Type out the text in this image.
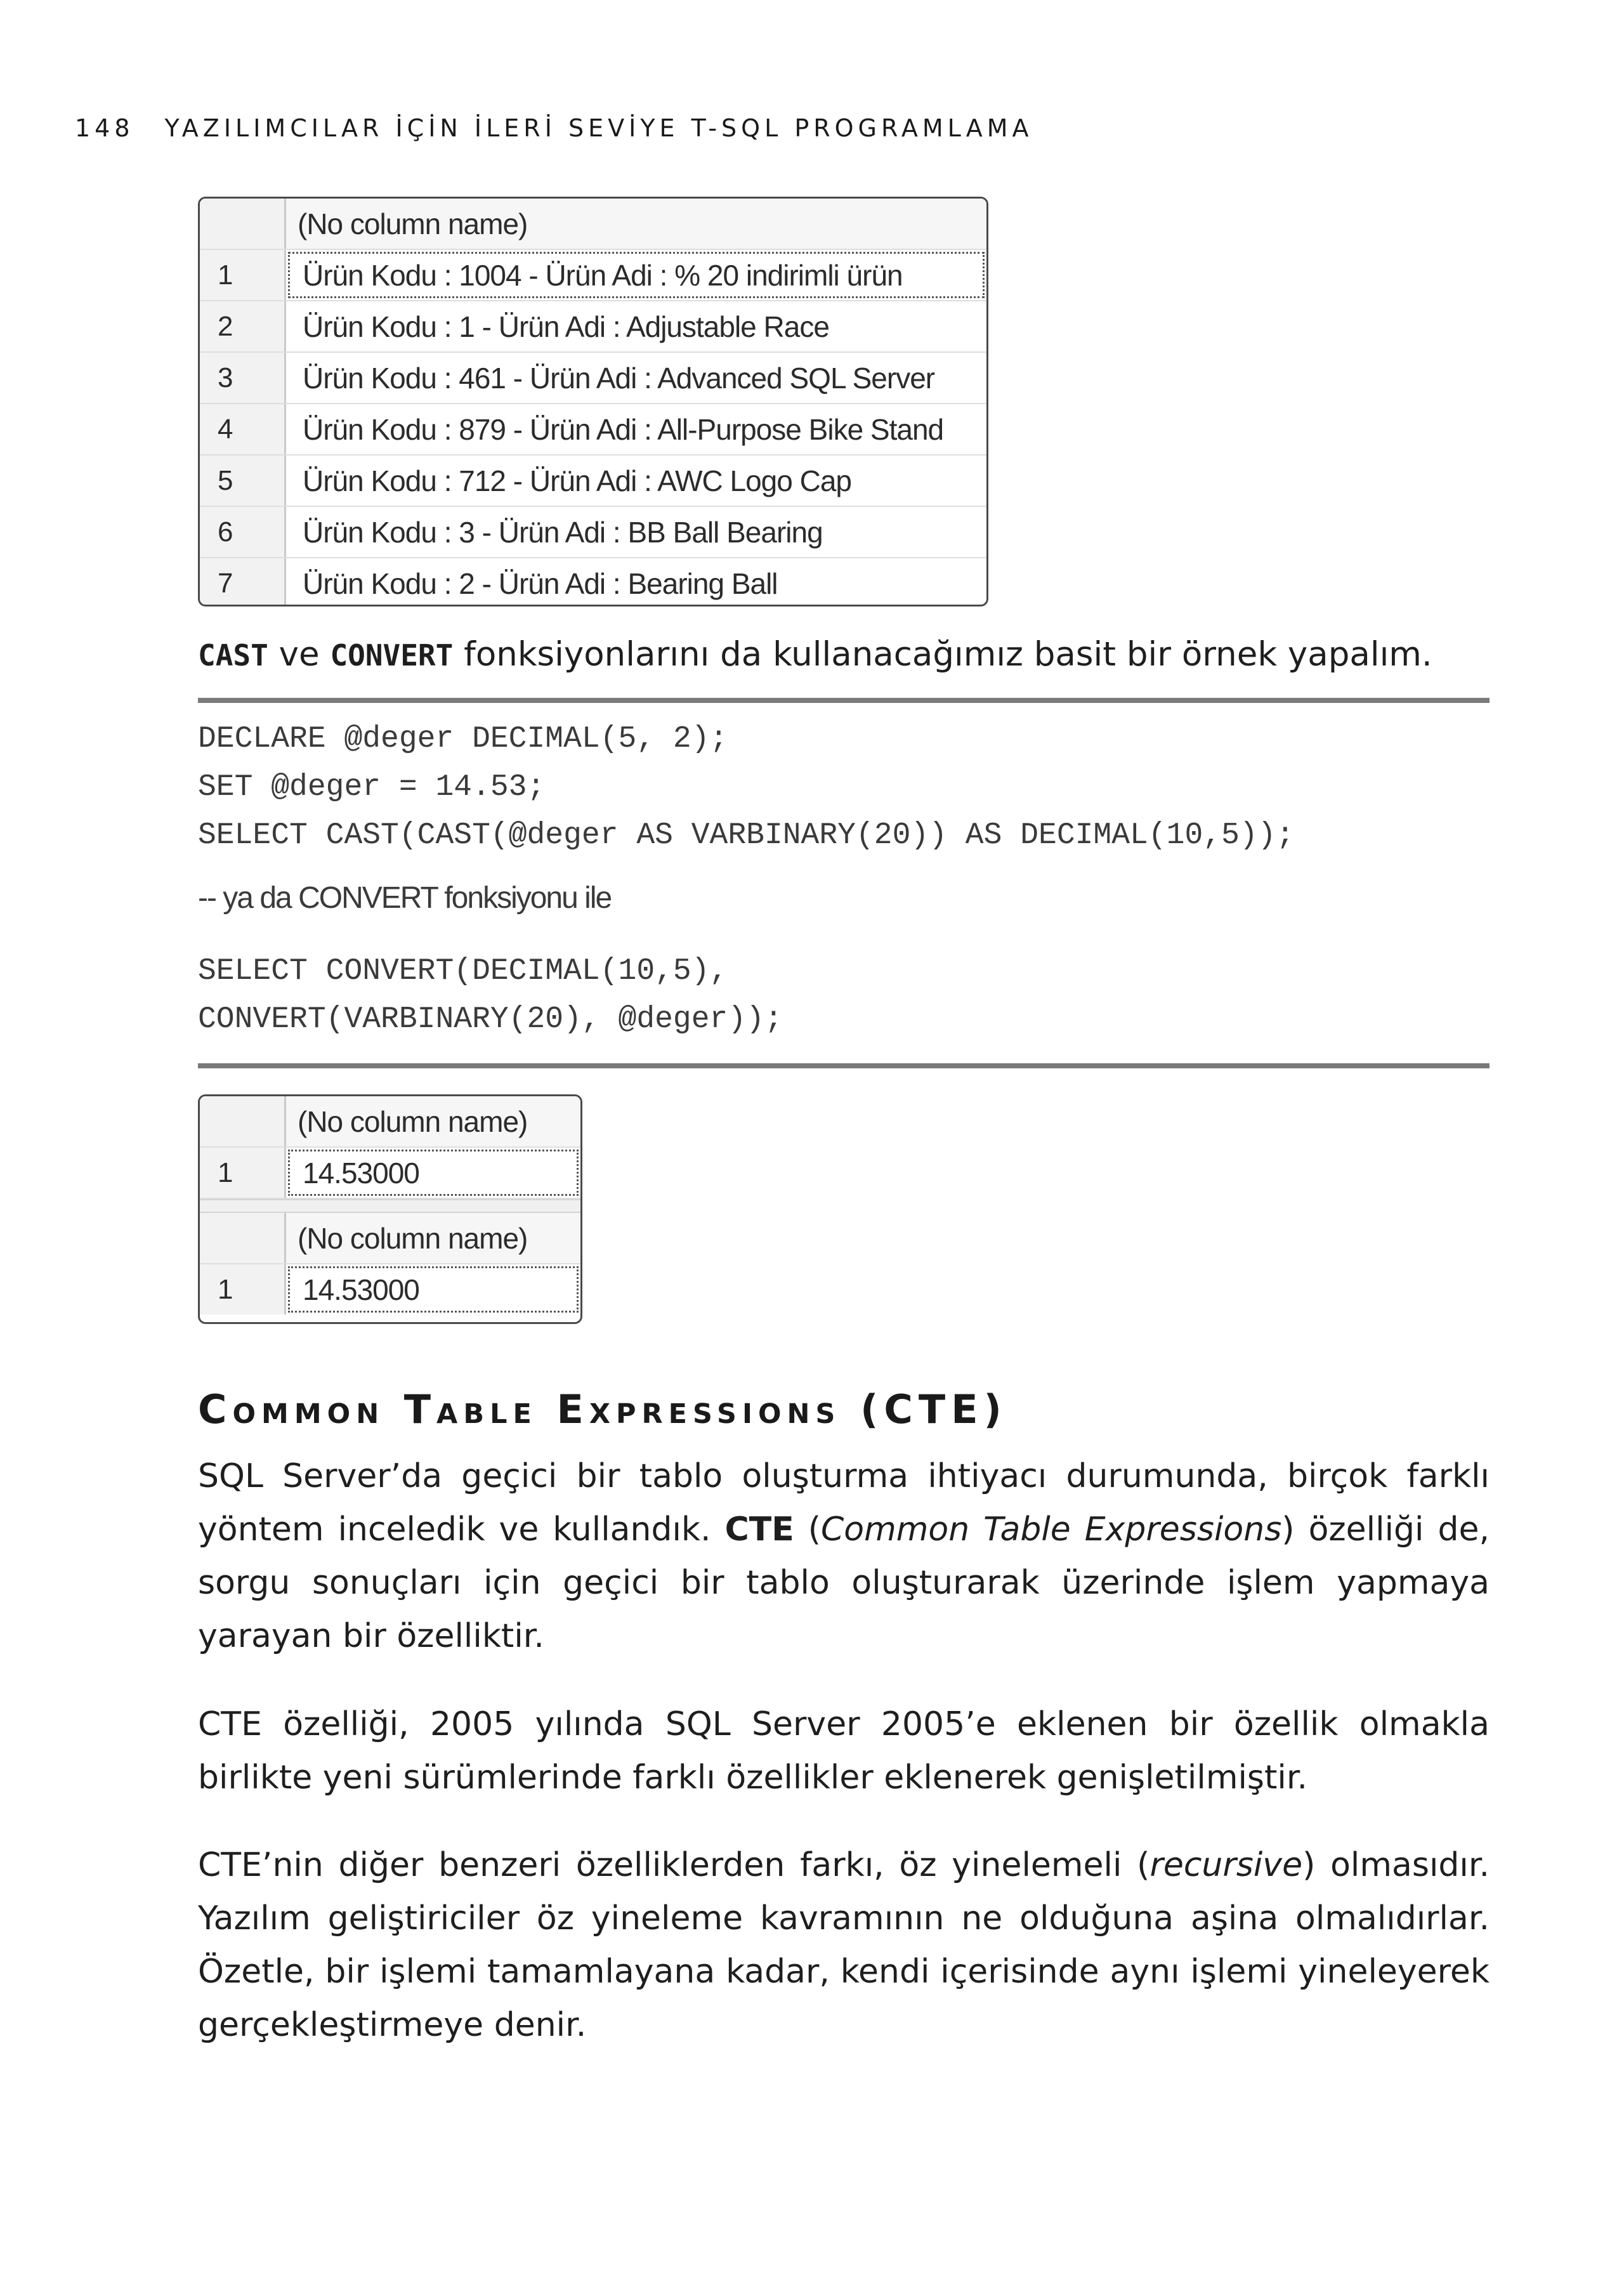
148 YAZILIMCILAR İÇİN İLERİ SEVİYE T-SQL PROGRAMLAMA
(No column name)
1	Ürün Kodu : 1004 - Ürün Adi : % 20 indirimli ürün
2	Ürün Kodu : 1 - Ürün Adi : Adjustable Race
3	Ürün Kodu : 461 - Ürün Adi : Advanced SQL Server
4	Ürün Kodu : 879 - Ürün Adi : All-Purpose Bike Stand
5	Ürün Kodu : 712 - Ürün Adi : AWC Logo Cap
6	Ürün Kodu : 3 - Ürün Adi : BB Ball Bearing
7	Ürün Kodu : 2 - Ürün Adi : Bearing Ball

CAST ve CONVERT fonksiyonlarını da kullanacağımız basit bir örnek yapalım.

DECLARE @deger DECIMAL(5, 2);
SET @deger = 14.53;
SELECT CAST(CAST(@deger AS VARBINARY(20)) AS DECIMAL(10,5));
-- ya da CONVERT fonksiyonu ile
SELECT CONVERT(DECIMAL(10,5),
CONVERT(VARBINARY(20), @deger));
(No column name)
1	14.53000
(No column name)
1	14.53000
Common Table Expressions (CTE)

SQL Server’da geçici bir tablo oluşturma ihtiyacı durumunda, birçok farklı yöntem inceledik ve kullandık. CTE (Common Table Expressions) özelliği de, sorgu sonuçları için geçici bir tablo oluşturarak üzerinde işlem yapmaya yarayan bir özelliktir.

CTE özelliği, 2005 yılında SQL Server 2005’e eklenen bir özellik olmakla birlikte yeni sürümlerinde farklı özellikler eklenerek genişletilmiştir.

CTE’nin diğer benzeri özelliklerden farkı, öz yinelemeli (recursive) olmasıdır. Yazılım geliştiriciler öz yineleme kavramının ne olduğuna aşina olmalıdırlar. Özetle, bir işlemi tamamlayana kadar, kendi içerisinde aynı işlemi yineleyerek gerçekleştirmeye denir.
